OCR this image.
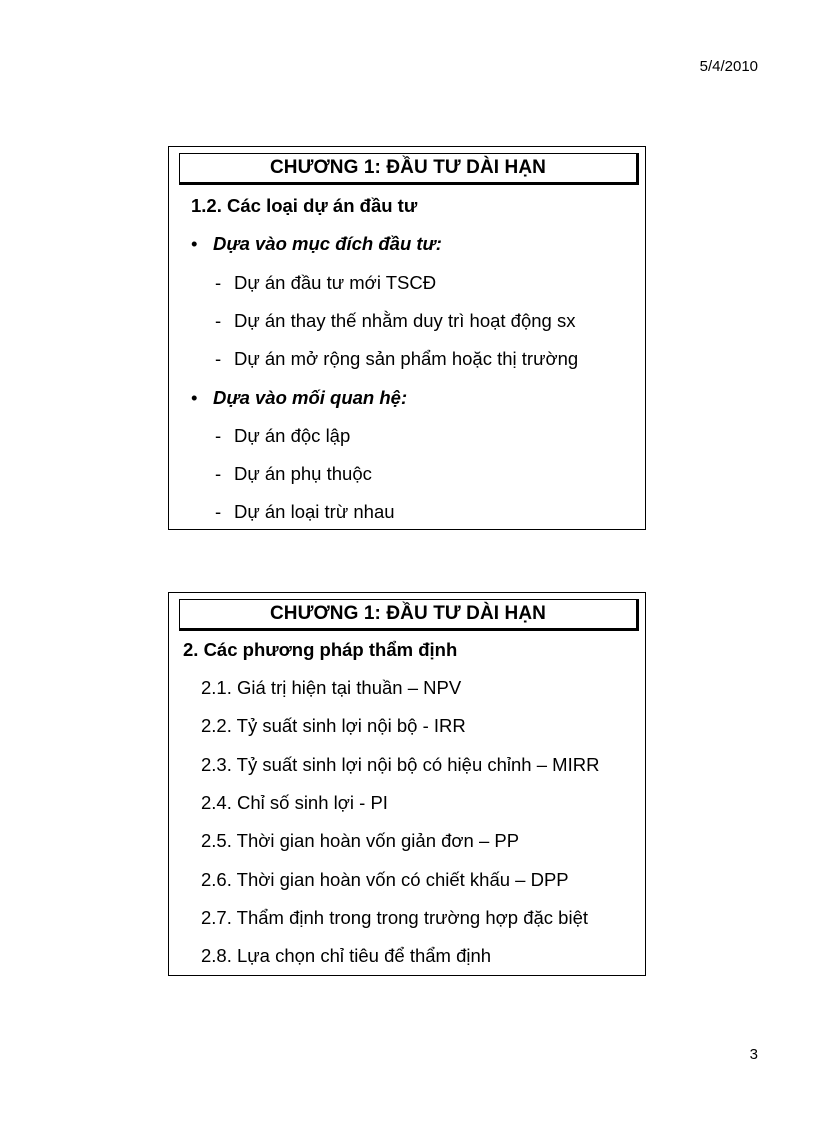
5/4/2010
CHƯƠNG 1: ĐẦU TƯ DÀI HẠN
1.2. Các loại dự án đầu tư
• Dựa vào mục đích đầu tư:
- Dự án đầu tư mới TSCĐ
- Dự án thay thế nhằm duy trì hoạt động sx
- Dự án mở rộng sản phẩm hoặc thị trường
• Dựa vào mối quan hệ:
- Dự án độc lập
- Dự án phụ thuộc
- Dự án loại trừ nhau
CHƯƠNG 1: ĐẦU TƯ DÀI HẠN
2. Các phương pháp thẩm định
2.1. Giá trị hiện tại thuần – NPV
2.2. Tỷ suất sinh lợi nội bộ - IRR
2.3. Tỷ suất sinh lợi nội bộ có hiệu chỉnh – MIRR
2.4. Chỉ số sinh lợi - PI
2.5. Thời gian hoàn vốn giản đơn – PP
2.6. Thời gian hoàn vốn có chiết khấu – DPP
2.7. Thẩm định trong trong trường hợp đặc biệt
2.8. Lựa chọn chỉ tiêu để thẩm định
3
